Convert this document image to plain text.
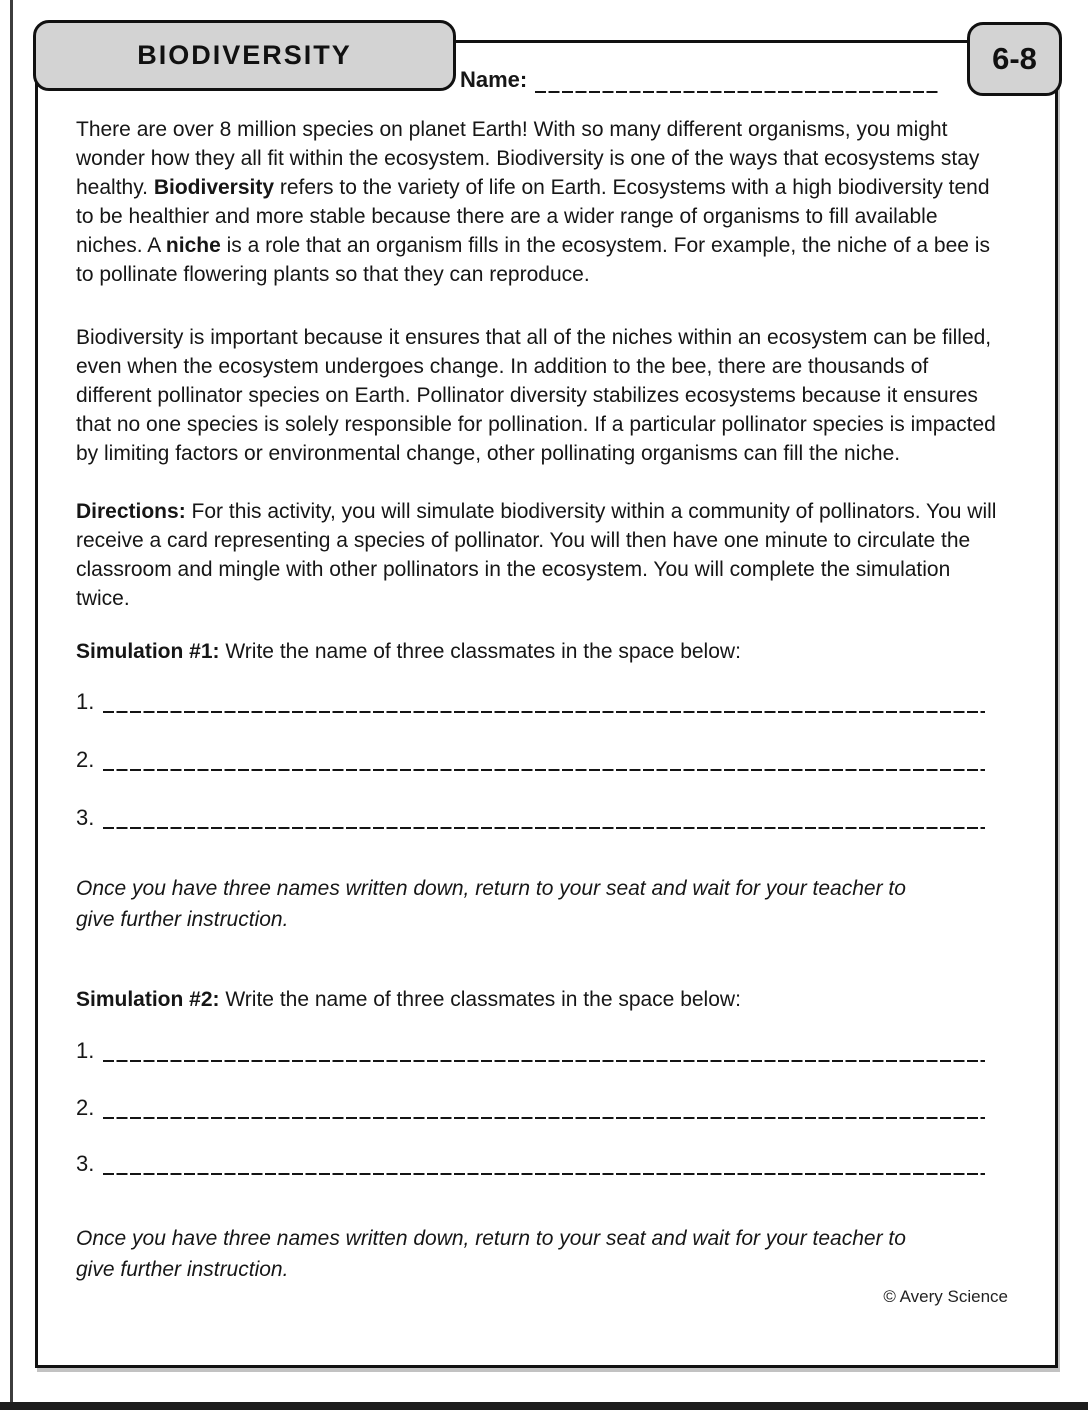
BIODIVERSITY	6-8
Name:

There are over 8 million species on planet Earth! With so many different organisms, you might wonder how they all fit within the ecosystem. Biodiversity is one of the ways that ecosystems stay healthy. Biodiversity refers to the variety of life on Earth. Ecosystems with a high biodiversity tend to be healthier and more stable because there are a wider range of organisms to fill available niches. A niche is a role that an organism fills in the ecosystem. For example, the niche of a bee is to pollinate flowering plants so that they can reproduce.

Biodiversity is important because it ensures that all of the niches within an ecosystem can be filled, even when the ecosystem undergoes change. In addition to the bee, there are thousands of different pollinator species on Earth. Pollinator diversity stabilizes ecosystems because it ensures that no one species is solely responsible for pollination. If a particular pollinator species is impacted by limiting factors or environmental change, other pollinating organisms can fill the niche.

Directions: For this activity, you will simulate biodiversity within a community of pollinators. You will receive a card representing a species of pollinator. You will then have one minute to circulate the classroom and mingle with other pollinators in the ecosystem. You will complete the simulation twice.

Simulation #1: Write the name of three classmates in the space below:

1.
2.
3.

Once you have three names written down, return to your seat and wait for your teacher to give further instruction.

Simulation #2: Write the name of three classmates in the space below:

1.
2.
3.

Once you have three names written down, return to your seat and wait for your teacher to give further instruction.

© Avery Science
